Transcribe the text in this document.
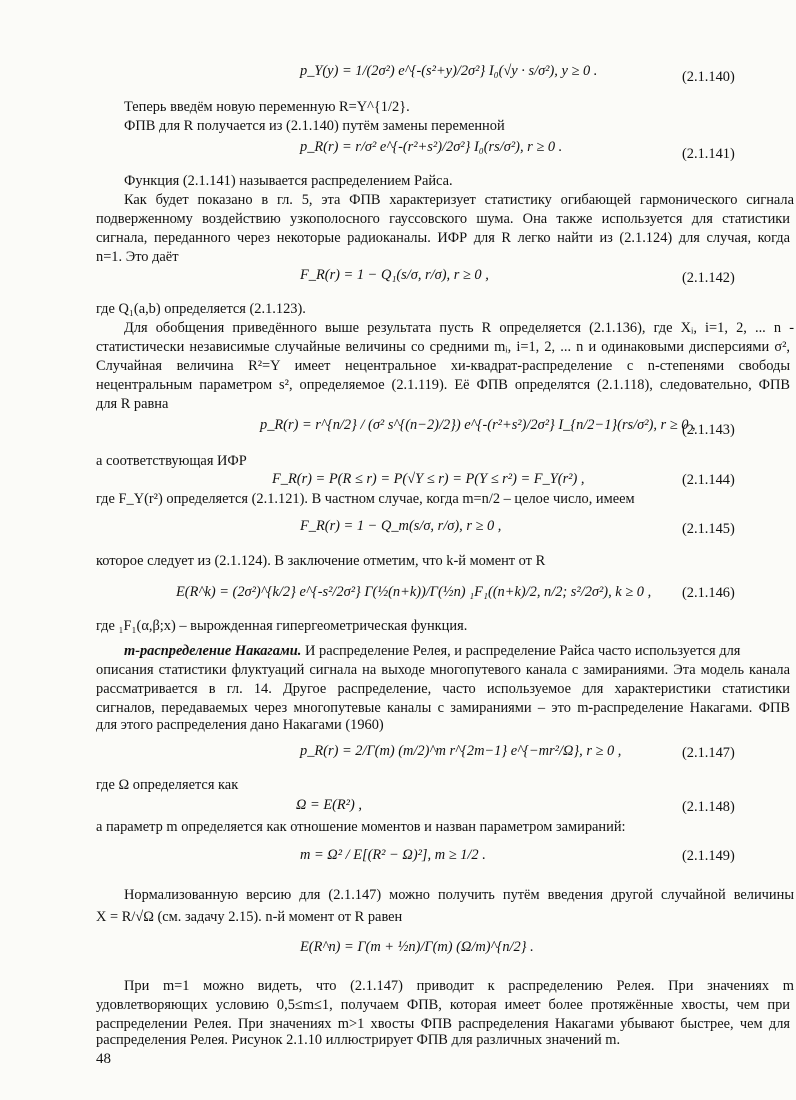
p_Y(y) = 1/(2σ²) e^{-(s²+y)/2σ²} I₀(√y · s/σ²), y ≥ 0 .	(2.1.140)
Теперь введём новую переменную R=Y^{1/2}.
ФПВ для R получается из (2.1.140) путём замены переменной
p_R(r) = r/σ² e^{-(r²+s²)/2σ²} I₀(rs/σ²), r ≥ 0 .	(2.1.141)
Функция (2.1.141) называется распределением Райса.
Как будет показано в гл. 5, эта ФПВ характеризует статистику огибающей гармонического сигнала
подверженному воздействию узкополосного гауссовского шума. Она также используется для статистики
сигнала, переданного через некоторые радиоканалы. ИФР для R легко найти из (2.1.124) для случая, когда
n=1. Это даёт
F_R(r) = 1 − Q₁(s/σ, r/σ), r ≥ 0 ,	(2.1.142)
где Q₁(a,b) определяется (2.1.123).
Для обобщения приведённого выше результата пусть R определяется (2.1.136), где Xᵢ, i=1, 2, ... n -
статистически независимые случайные величины со средними mᵢ, i=1, 2, ... n и одинаковыми дисперсиями σ²,
Случайная величина R²=Y имеет нецентральное хи-квадрат-распределение с n-степенями свободы
нецентральным параметром s², определяемое (2.1.119). Её ФПВ определятся (2.1.118), следовательно, ФПВ
для R равна
p_R(r) = r^{n/2} / (σ² s^{(n−2)/2}) e^{-(r²+s²)/2σ²} I_{n/2−1}(rs/σ²), r ≥ 0 ,
(2.1.143)
а соответствующая ИФР
F_R(r) = P(R ≤ r) = P(√Y ≤ r) = P(Y ≤ r²) = F_Y(r²) ,	(2.1.144)
где F_Y(r²) определяется (2.1.121). В частном случае, когда m=n/2 – целое число, имеем
F_R(r) = 1 − Q_m(s/σ, r/σ), r ≥ 0 ,	(2.1.145)
которое следует из (2.1.124). В заключение отметим, что k-й момент от R
E(R^k) = (2σ²)^{k/2} e^{-s²/2σ²} Γ(½(n+k))/Γ(½n) ₁F₁((n+k)/2, n/2; s²/2σ²), k ≥ 0 , (2.1.146)
где ₁F₁(α,β;x) – вырожденная гипергеометрическая функция.
m-распределение Накагами. И распределение Релея, и распределение Райса часто используется для
описания статистики флуктуаций сигнала на выходе многопутевого канала с замираниями. Эта модель канала
рассматривается в гл. 14. Другое распределение, часто используемое для характеристики статистики
сигналов, передаваемых через многопутевые каналы с замираниями – это m-распределение Накагами. ФПВ
для этого распределения дано Накагами (1960)
p_R(r) = 2/Γ(m) (m/2)^m r^{2m−1} e^{−mr²/Ω}, r ≥ 0 ,	(2.1.147)
где Ω определяется как
Ω = E(R²) ,	(2.1.148)
а параметр m определяется как отношение моментов и назван параметром замираний:
m = Ω² / E[(R² − Ω)²], m ≥ 1/2 .	(2.1.149)
Нормализованную версию для (2.1.147) можно получить путём введения другой случайной величины
X = R/√Ω (см. задачу 2.15). n-й момент от R равен
E(R^n) = Γ(m + ½n)/Γ(m) (Ω/m)^{n/2} .
При m=1 можно видеть, что (2.1.147) приводит к распределению Релея. При значениях m
удовлетворяющих условию 0,5≤m≤1, получаем ФПВ, которая имеет более протяжённые хвосты, чем при
распределении Релея. При значениях m>1 хвосты ФПВ распределения Накагами убывают быстрее, чем для
распределения Релея. Рисунок 2.1.10 иллюстрирует ФПВ для различных значений m.
48
